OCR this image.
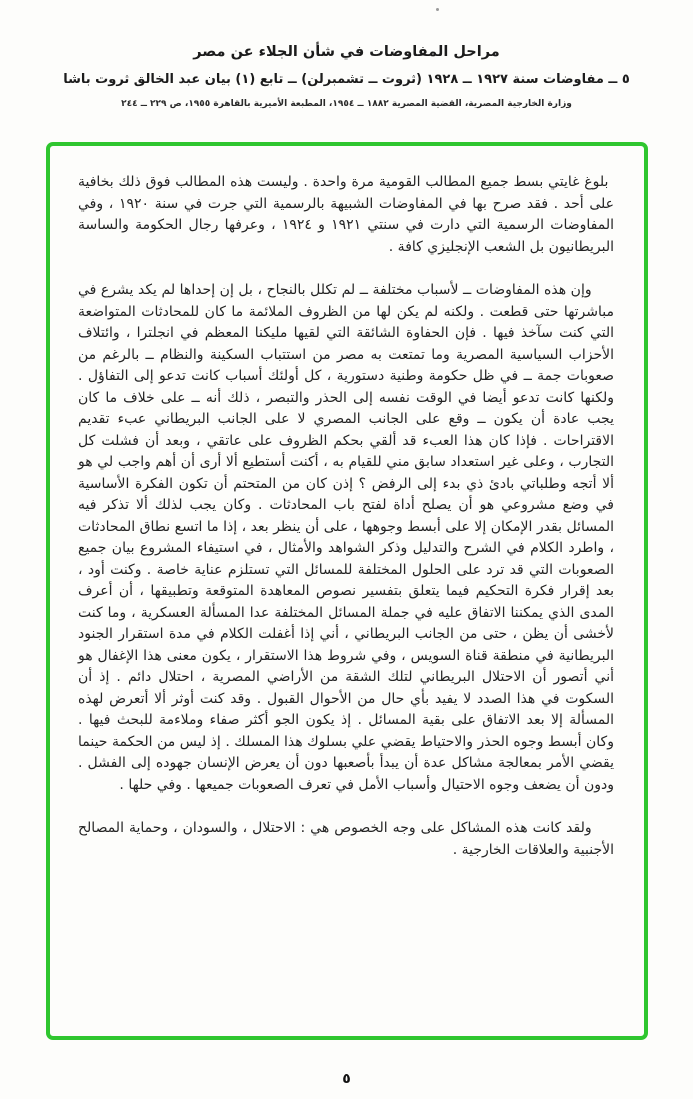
مراحل المفاوضات في شأن الجلاء عن مصر
٥ ــ مفاوضات سنة ١٩٢٧ ــ ١٩٢٨ (ثروت ــ تشمبرلن) ــ تابع (١) بيان عبد الخالق ثروت باشا
وزارة الخارجية المصرية، القضية المصرية ١٨٨٢ ــ ١٩٥٤، المطبعة الأميرية بالقاهرة ١٩٥٥، ص ٢٢٩ ــ ٢٤٤

بلوغ غايتي بسط جميع المطالب القومية مرة واحدة . وليست هذه المطالب فوق ذلك بخافية على أحد . فقد صرح بها في المفاوضات الشبيهة بالرسمية التي جرت في سنة ١٩٢٠ ، وفي المفاوضات الرسمية التي دارت في سنتي ١٩٢١ و ١٩٢٤ ، وعرفها رجال الحكومة والساسة البريطانيون بل الشعب الإنجليزي كافة .

وإن هذه المفاوضات ــ لأسباب مختلفة ــ لم تكلل بالنجاح ، بل إن إحداها لم يكد يشرع في مباشرتها حتى قطعت . ولكنه لم يكن لها من الظروف الملائمة ما كان للمحادثات المتواضعة التي كنت سآخذ فيها . فإن الحفاوة الشائقة التي لقيها مليكنا المعظم في انجلترا ، وائتلاف الأحزاب السياسية المصرية وما تمتعت به مصر من استتباب السكينة والنظام ــ بالرغم من صعوبات جمة ــ في ظل حكومة وطنية دستورية ، كل أولئك أسباب كانت تدعو إلى التفاؤل . ولكنها كانت تدعو أيضا في الوقت نفسه إلى الحذر والتبصر ، ذلك أنه ــ على خلاف ما كان يجب عادة أن يكون ــ وقع على الجانب المصري لا على الجانب البريطاني عبء تقديم الاقتراحات . فإذا كان هذا العبء قد ألقي بحكم الظروف على عاتقي ، وبعد أن فشلت كل التجارب ، وعلى غير استعداد سابق مني للقيام به ، أكنت أستطيع ألا أرى أن أهم واجب لي هو ألا أتجه وطلباتي بادئ ذي بدء إلى الرفض ؟ إذن كان من المتحتم أن تكون الفكرة الأساسية في وضع مشروعي هو أن يصلح أداة لفتح باب المحادثات . وكان يجب لذلك ألا تذكر فيه المسائل بقدر الإمكان إلا على أبسط وجوهها ، على أن ينظر بعد ، إذا ما اتسع نطاق المحادثات ، واطرد الكلام في الشرح والتدليل وذكر الشواهد والأمثال ، في استيفاء المشروع بيان جميع الصعوبات التي قد ترد على الحلول المختلفة للمسائل التي تستلزم عناية خاصة . وكنت أود ، بعد إقرار فكرة التحكيم فيما يتعلق بتفسير نصوص المعاهدة المتوقعة وتطبيقها ، أن أعرف المدى الذي يمكننا الاتفاق عليه في جملة المسائل المختلفة عدا المسألة العسكرية ، وما كنت لأخشى أن يظن ، حتى من الجانب البريطاني ، أني إذا أغفلت الكلام في مدة استقرار الجنود البريطانية في منطقة قناة السويس ، وفي شروط هذا الاستقرار ، يكون معنى هذا الإغفال هو أني أتصور أن الاحتلال البريطاني لتلك الشقة من الأراضي المصرية ، احتلال دائم . إذ أن السكوت في هذا الصدد لا يفيد بأي حال من الأحوال القبول . وقد كنت أوثر ألا أتعرض لهذه المسألة إلا بعد الاتفاق على بقية المسائل . إذ يكون الجو أكثر صفاء وملاءمة للبحث فيها . وكان أبسط وجوه الحذر والاحتياط يقضي علي بسلوك هذا المسلك . إذ ليس من الحكمة حينما يقضي الأمر بمعالجة مشاكل عدة أن يبدأ بأصعبها دون أن يعرض الإنسان جهوده إلى الفشل . ودون أن يضعف وجوه الاحتيال وأسباب الأمل في تعرف الصعوبات جميعها . وفي حلها .

ولقد كانت هذه المشاكل على وجه الخصوص هي : الاحتلال ، والسودان ، وحماية المصالح الأجنبية والعلاقات الخارجية .

٥
